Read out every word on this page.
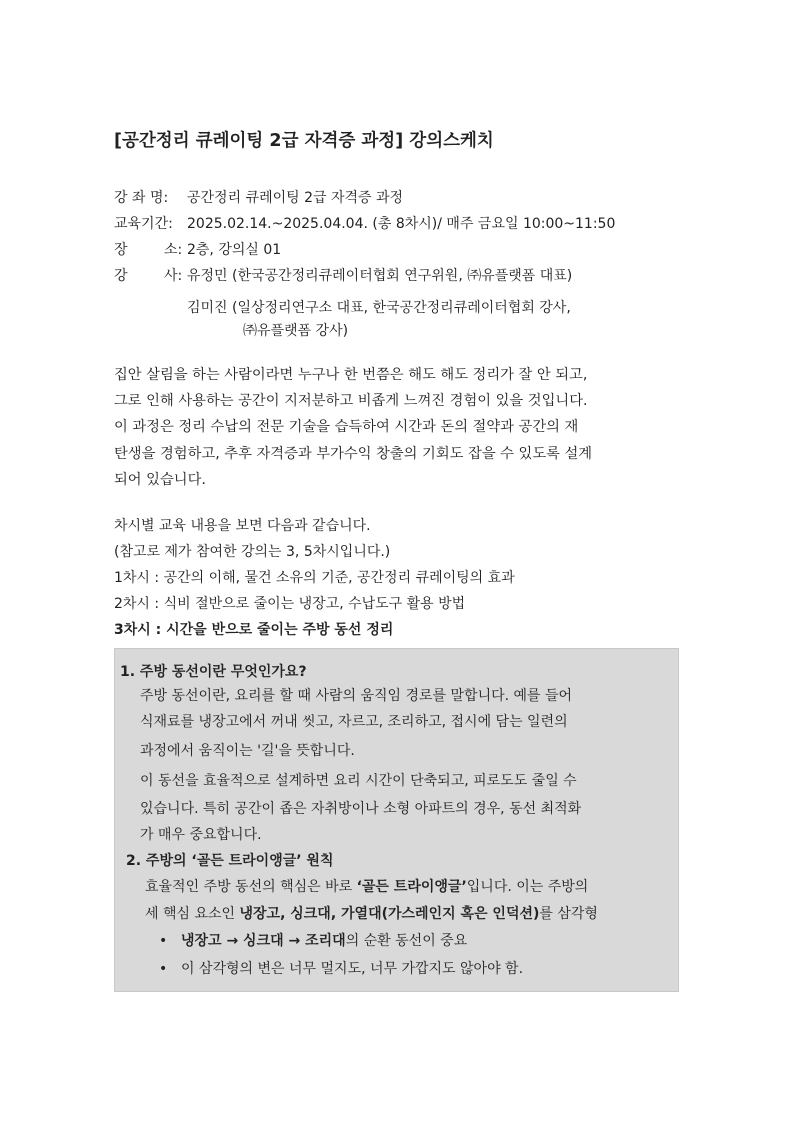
[공간정리 큐레이팅 2급 자격증 과정] 강의스케치
강 좌 명: 공간정리 큐레이팅 2급 자격증 과정
교육기간: 2025.02.14.~2025.04.04. (총 8차시)/ 매주 금요일 10:00~11:50
장	소: 2층, 강의실 01
강	사: 유정민 (한국공간정리큐레이터협회 연구위원, ㈜유플랫폼 대표)
김미진 (일상정리연구소 대표, 한국공간정리큐레이터협회 강사,
㈜유플랫폼 강사)
집안 살림을 하는 사람이라면 누구나 한 번쯤은 해도 해도 정리가 잘 안 되고,
그로 인해 사용하는 공간이 지저분하고 비좁게 느껴진 경험이 있을 것입니다.
이 과정은 정리 수납의 전문 기술을 습득하여 시간과 돈의 절약과 공간의 재
탄생을 경험하고, 추후 자격증과 부가수익 창출의 기회도 잡을 수 있도록 설계
되어 있습니다.
차시별 교육 내용을 보면 다음과 같습니다.
(참고로 제가 참여한 강의는 3, 5차시입니다.)
1차시 : 공간의 이해, 물건 소유의 기준, 공간정리 큐레이팅의 효과
2차시 : 식비 절반으로 줄이는 냉장고, 수납도구 활용 방법
3차시 : 시간을 반으로 줄이는 주방 동선 정리
1. 주방 동선이란 무엇인가요?
주방 동선이란, 요리를 할 때 사람의 움직임 경로를 말합니다. 예를 들어
식재료를 냉장고에서 꺼내 씻고, 자르고, 조리하고, 접시에 담는 일련의
과정에서 움직이는 '길'을 뜻합니다.
이 동선을 효율적으로 설계하면 요리 시간이 단축되고, 피로도도 줄일 수
있습니다. 특히 공간이 좁은 자취방이나 소형 아파트의 경우, 동선 최적화
가 매우 중요합니다.
2. 주방의 ‘골든 트라이앵글’ 원칙
효율적인 주방 동선의 핵심은 바로 ‘골든 트라이앵글’입니다. 이는 주방의
세 핵심 요소인 냉장고, 싱크대, 가열대(가스레인지 혹은 인덕션)를 삼각형
• 냉장고 → 싱크대 → 조리대의 순환 동선이 중요
• 이 삼각형의 변은 너무 멀지도, 너무 가깝지도 않아야 함.
